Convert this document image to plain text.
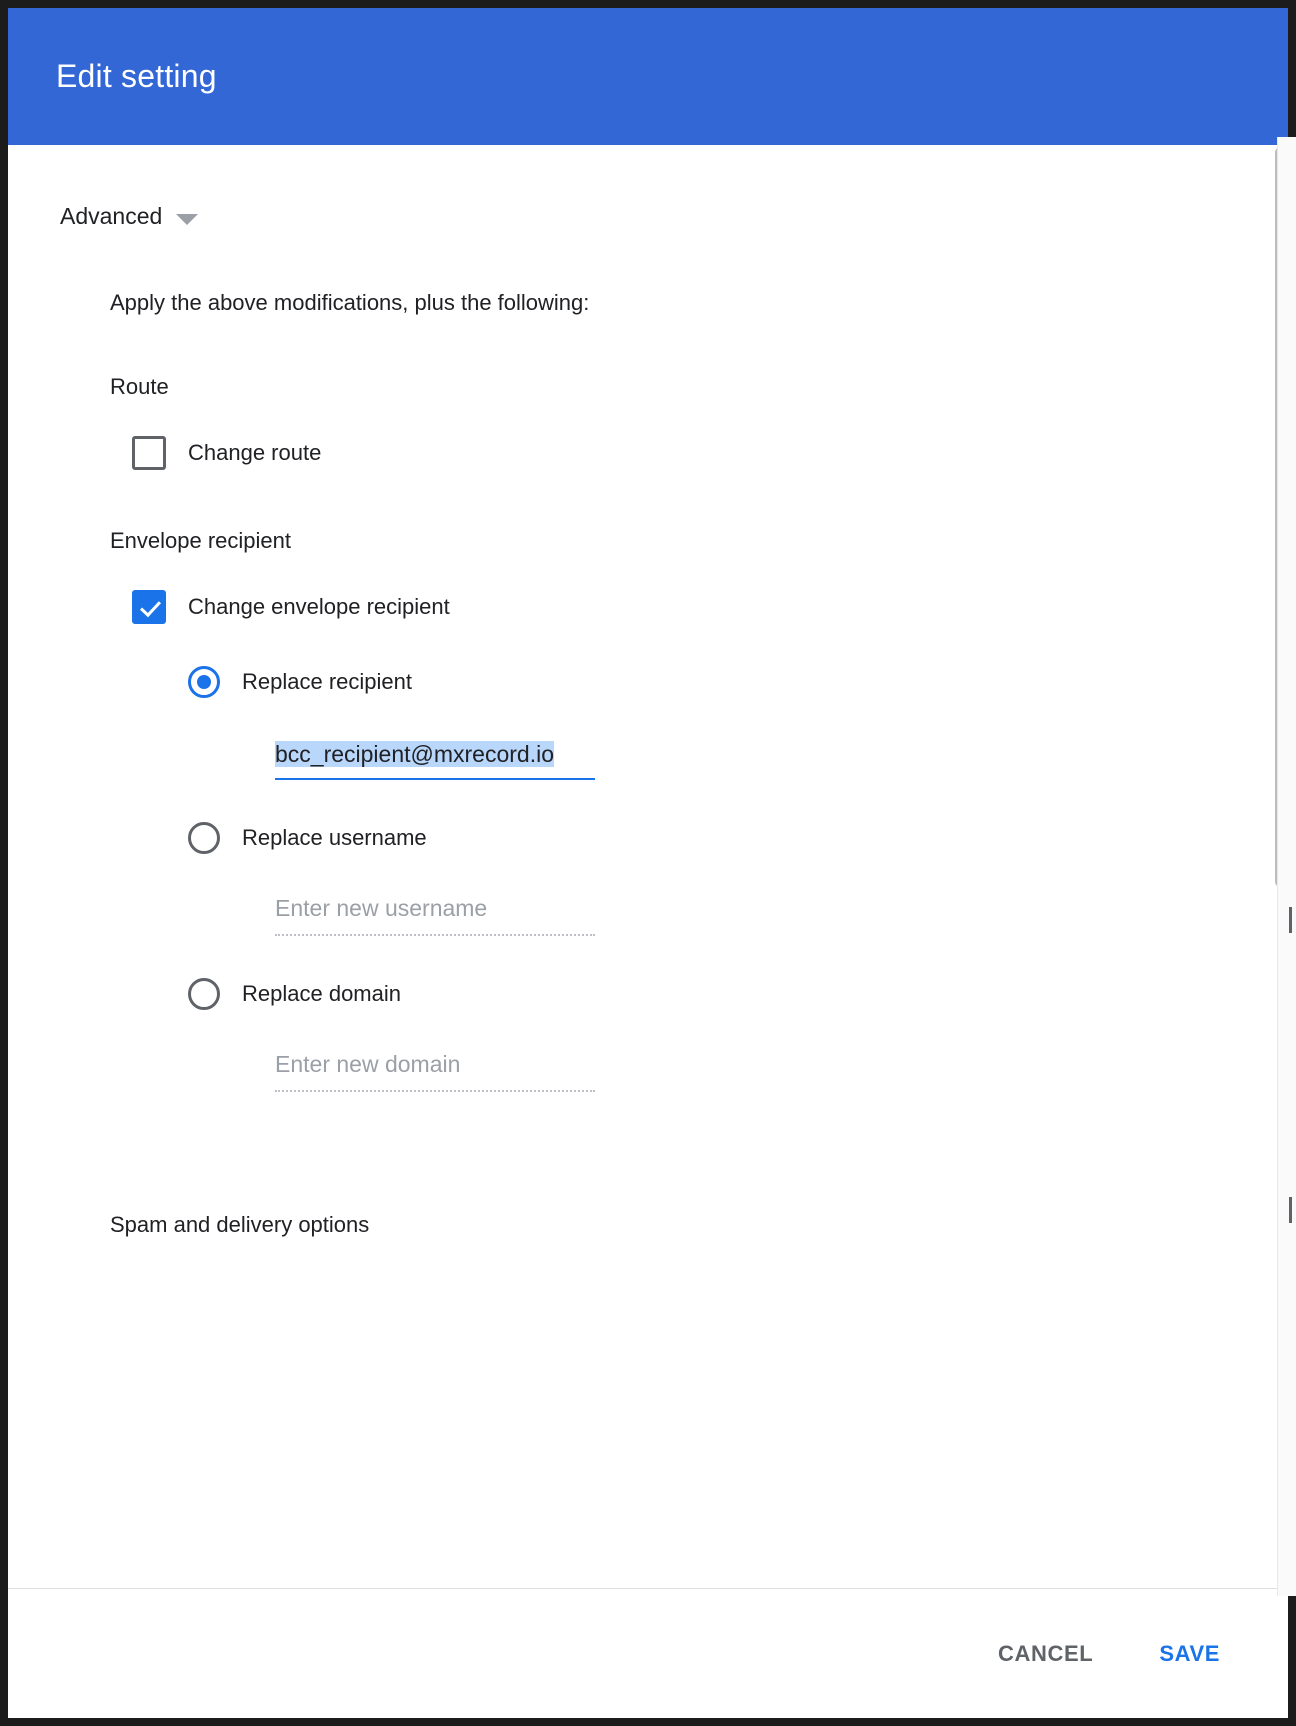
Edit setting
Advanced
Apply the above modifications, plus the following:
Route
Change route
Envelope recipient
Change envelope recipient
Replace recipient
bcc_recipient@mxrecord.io
Replace username
Enter new username
Replace domain
Enter new domain
Spam and delivery options
CANCEL	SAVE
